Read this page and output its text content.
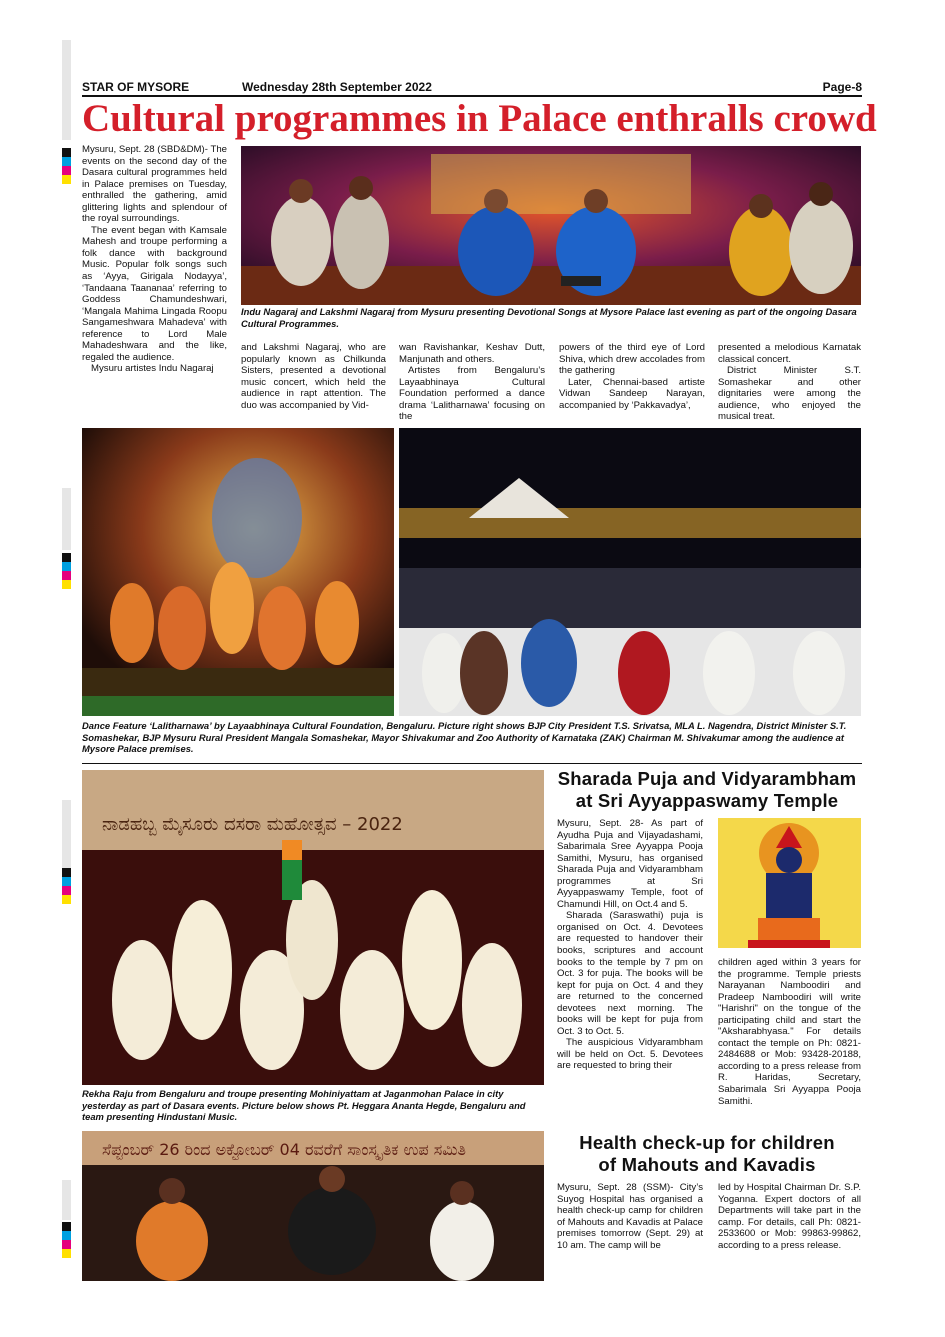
STAR OF MYSORE	Wednesday 28th September 2022	Page-8
Cultural programmes in Palace enthralls crowd

Mysuru, Sept. 28 (SBD&DM)- The events on the second day of the Dasara cultural programmes held in Palace premises on Tuesday, enthralled the gathering, amid glittering lights and splendour of the royal surroundings.

The event began with Kamsale Mahesh and troupe performing a folk dance with background Music. Popular folk songs such as ‘Ayya, Girigala Nodayya’, ‘Tandaana Taananaa’ referring to Goddess Chamundeshwari, ‘Mangala Mahima Lingada Roopu Sangameshwara Mahadeva’ with reference to Lord Male Mahadeshwara and the like, regaled the audience.

Mysuru artistes Indu Nagaraj

Indu Nagaraj and Lakshmi Nagaraj from Mysuru presenting Devotional Songs at Mysore Palace last evening as part of the ongoing Dasara Cultural Programmes.

and Lakshmi Nagaraj, who are popularly known as Chilkunda Sisters, presented a devotional music concert, which held the audience in rapt attention. The duo was accompanied by Vid-

wan Ravishankar, Keshav Dutt, Manjunath and others.

Artistes from Bengaluru’s Layaabhinaya Cultural Foundation performed a dance drama ‘Lalitharnawa’ focusing on the

powers of the third eye of Lord Shiva, which drew accolades from the gathering

Later, Chennai-based artiste Vidwan Sandeep Narayan, accompanied by ‘Pakkavadya’,

presented a melodious Karnatak classical concert.

District Minister S.T. Somashekar and other dignitaries were among the audience, who enjoyed the musical treat.

Dance Feature ‘Lalitharnawa’ by Layaabhinaya Cultural Foundation, Bengaluru. Picture right shows BJP City President T.S. Srivatsa, MLA L. Nagendra, District Minister S.T. Somashekar, BJP Mysuru Rural President Mangala Somashekar, Mayor Shivakumar and Zoo Authority of Karnataka (ZAK) Chairman M. Shivakumar among the audience at Mysore Palace premises.
ನಾಡಹಬ್ಬ ಮೈಸೂರು ದಸರಾ ಮಹೋತ್ಸವ – 2022
Rekha Raju from Bengaluru and troupe presenting Mohiniyattam at Jaganmohan Palace in city yesterday as part of Dasara events. Picture below shows Pt. Heggara Ananta Hegde, Bengaluru and team presenting Hindustani Music.
ಸೆಪ್ಟಂಬರ್ 26 ರಿಂದ ಅಕ್ಟೋಬರ್ 04 ರವರೆಗೆ ಸಾಂಸ್ಕೃತಿಕ ಉಪ ಸಮಿತಿ
Sharada Puja and Vidyarambham
at Sri Ayyappaswamy Temple

Mysuru, Sept. 28- As part of Ayudha Puja and Vijayadashami, Sabarimala Sree Ayyappa Pooja Samithi, Mysuru, has organised Sharada Puja and Vidyarambham programmes at Sri Ayyappaswamy Temple, foot of Chamundi Hill, on Oct.4 and 5.

Sharada (Saraswathi) puja is organised on Oct. 4. Devotees are requested to handover their books, scriptures and account books to the temple by 7 pm on Oct. 3 for puja. The books will be kept for puja on Oct. 4 and they are returned to the concerned devotees next morning. The books will be kept for puja from Oct. 3 to Oct. 5.

The auspicious Vidyarambham will be held on Oct. 5. Devotees are requested to bring their

children aged within 3 years for the programme. Temple priests Narayanan Namboodiri and Pradeep Namboodiri will write "Harishri" on the tongue of the participating child and start the "Aksharabhyasa." For details contact the temple on Ph: 0821-2484688 or Mob: 93428-20188, according to a press release from R. Haridas, Secretary, Sabarimala Sri Ayyappa Pooja Samithi.

Health check-up for children
of Mahouts and Kavadis

Mysuru, Sept. 28 (SSM)- City’s Suyog Hospital has organised a health check-up camp for children of Mahouts and Kavadis at Palace premises tomorrow (Sept. 29) at 10 am. The camp will be

led by Hospital Chairman Dr. S.P. Yoganna. Expert doctors of all Departments will take part in the camp. For details, call Ph: 0821-2533600 or Mob: 99863-99862, according to a press release.
